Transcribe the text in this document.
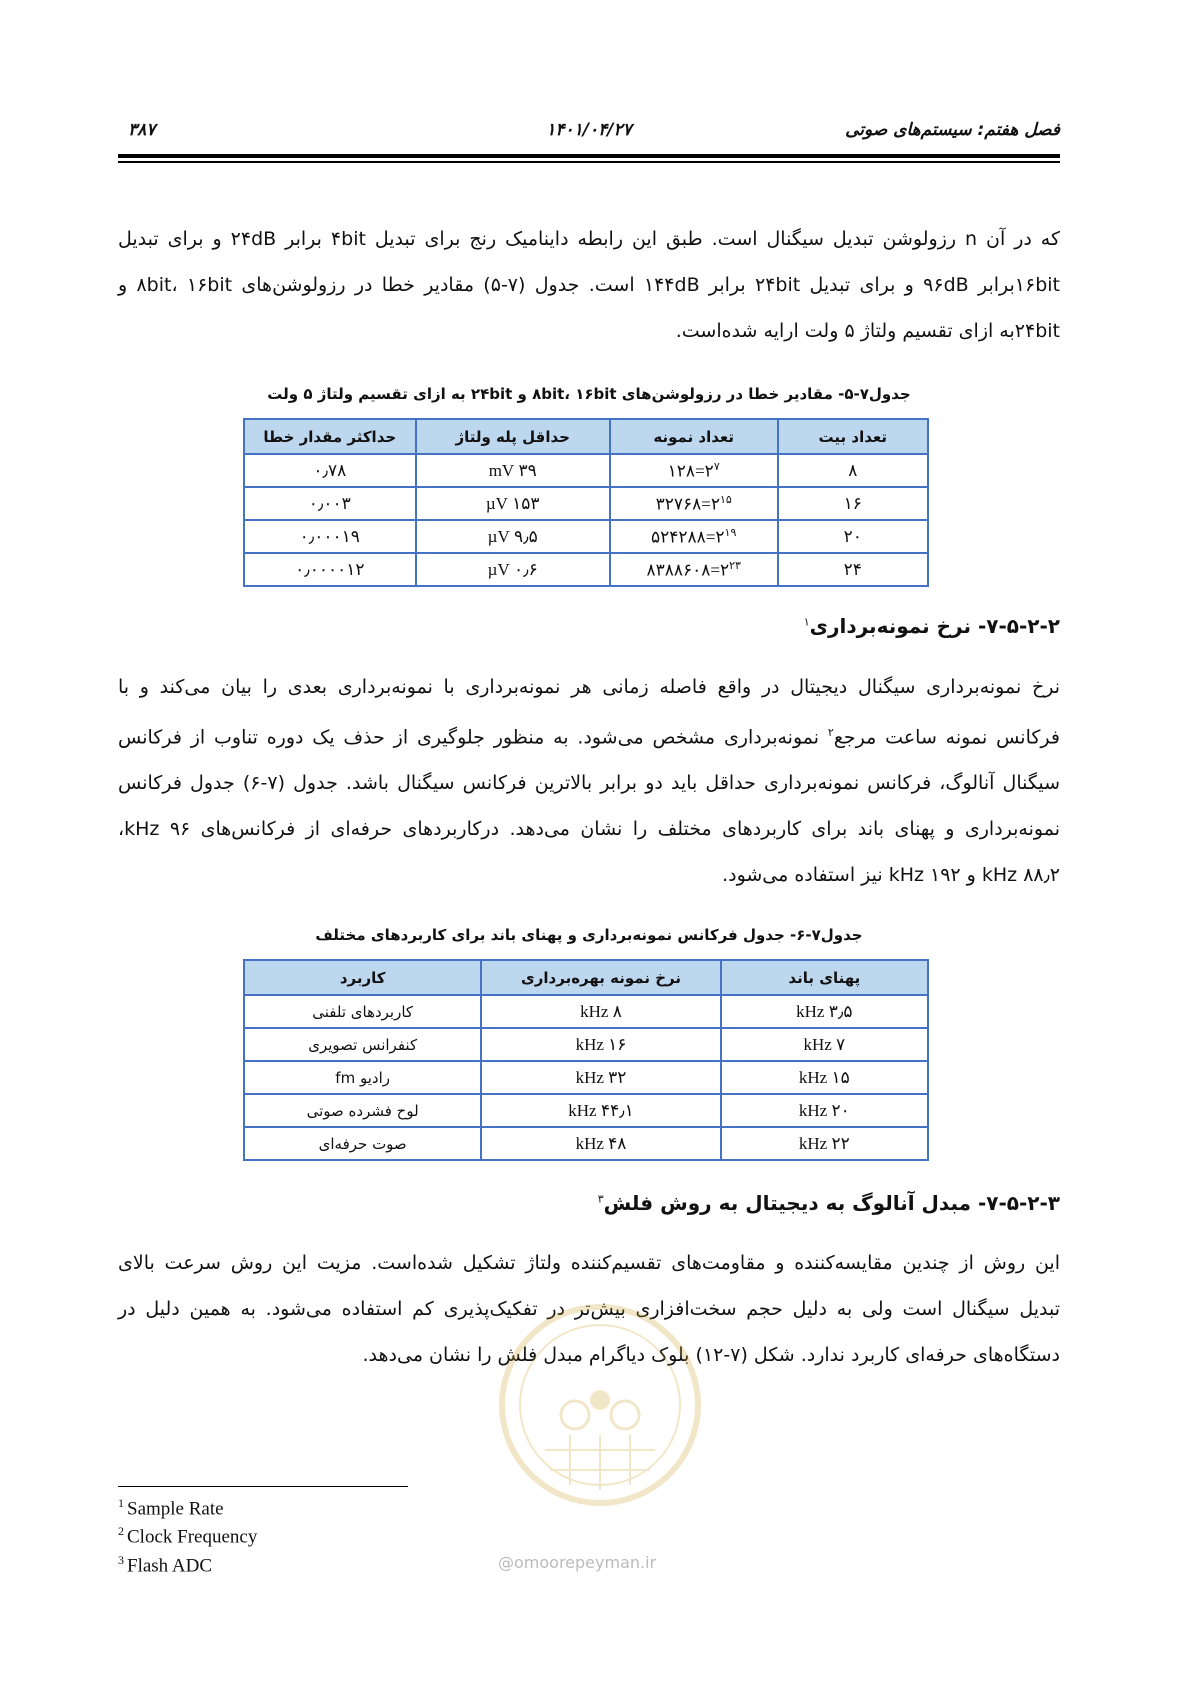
فصل هفتم: سیستم‌های صوتی
۱۴۰۱/۰۴/۲۷
۳۸۷
که در آن n رزولوشن تبدیل سیگنال است. طبق این رابطه داینامیک رنج برای تبدیل ۴bit برابر ۲۴dB و برای تبدیل
۱۶bitبرابر ۹۶dB و برای تبدیل ۲۴bit برابر ۱۴۴dB است. جدول (۷-۵) مقادیر خطا در رزولوشن‌های ۸bit، ۱۶bit و
۲۴bitبه ازای تقسیم ولتاژ ۵ ولت ارایه شده‌است.
جدول۷-۵- مقادیر خطا در رزولوشن‌های ۸bit، ۱۶bit و ۲۴bit به ازای تقسیم ولتاژ ۵ ولت
تعداد بیت	تعداد نمونه	حداقل پله ولتاژ	حداکثر مقدار خطا
۸	$۲^۷=۱۲۸$	۳۹ mV	۰٫۷۸
۱۶	$۲^{۱۵}=۳۲۷۶۸$	۱۵۳ µV	۰٫۰۰۳
۲۰	$۲^{۱۹}=۵۲۴۲۸۸$	۹٫۵ µV	۰٫۰۰۰۱۹
۲۴	$۲^{۲۳}=۸۳۸۸۶۰۸$	۰٫۶ µV	۰٫۰۰۰۰۱۲
۷-۵-۲-۲- نرخ نمونه‌برداری$^۱$
نرخ نمونه‌برداری سیگنال دیجیتال در واقع فاصله زمانی هر نمونه‌برداری با نمونه‌برداری بعدی را بیان می‌کند و با
فرکانس نمونه ساعت مرجع$^۲$ نمونه‌برداری مشخص می‌شود. به منظور جلوگیری از حذف یک دوره تناوب از فرکانس
سیگنال آنالوگ، فرکانس نمونه‌برداری حداقل باید دو برابر بالاترین فرکانس سیگنال باشد. جدول (۷-۶) جدول فرکانس
نمونه‌برداری و پهنای باند برای کاربردهای مختلف را نشان می‌دهد. درکاربردهای حرفه‌ای از فرکانس‌های ۹۶ kHz،
۸۸٫۲ kHz و ۱۹۲ kHz نیز استفاده می‌شود.
جدول۷-۶- جدول فرکانس نمونه‌برداری و پهنای باند برای کاربردهای مختلف
پهنای باند	نرخ نمونه بهره‌برداری	کاربرد
۳٫۵ kHz	۸ kHz	کاربردهای تلفنی
۷ kHz	۱۶ kHz	کنفرانس تصویری
۱۵ kHz	۳۲ kHz	رادیو fm
۲۰ kHz	۴۴٫۱ kHz	لوح فشرده صوتی
۲۲ kHz	۴۸ kHz	صوت حرفه‌ای
۷-۵-۲-۳- مبدل آنالوگ به دیجیتال به روش فلش$^۳$
این روش از چندین مقایسه‌کننده و مقاومت‌های تقسیم‌کننده ولتاژ تشکیل شده‌است. مزیت این روش سرعت بالای
تبدیل سیگنال است ولی به دلیل حجم سخت‌افزاری بیش‌تر در تفکیک‌پذیری کم استفاده می‌شود. به همین دلیل در
دستگاه‌های حرفه‌ای کاربرد ندارد. شکل (۷-۱۲) بلوک دیاگرام مبدل فلش را نشان می‌دهد.
@omoorepeyman.ir
$^1$ Sample Rate
$^2$ Clock Frequency
$^3$ Flash ADC
